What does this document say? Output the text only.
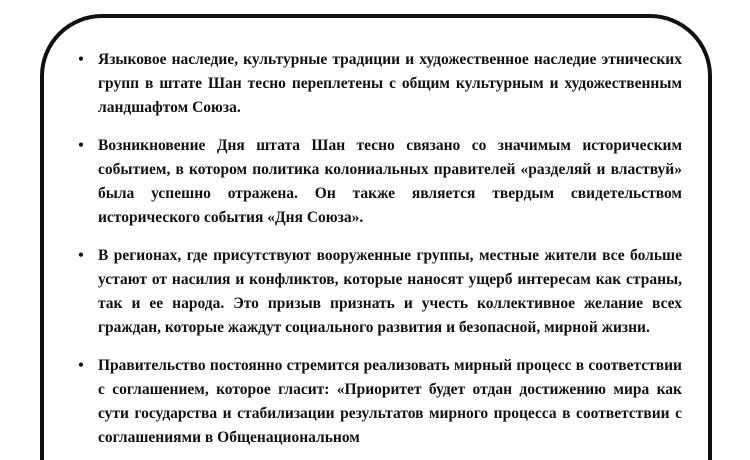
• Языковое наследие, культурные традиции и художественное наследие этнических групп в штате Шан тесно переплетены с общим культурным и художественным ландшафтом Союза.
• Возникновение Дня штата Шан тесно связано со значимым историческим событием, в котором политика колониальных правителей «разделяй и властвуй» была успешно отражена. Он также является твердым свидетельством исторического события «Дня Союза».
• В регионах, где присутствуют вооруженные группы, местные жители все больше устают от насилия и конфликтов, которые наносят ущерб интересам как страны, так и ее народа. Это призыв признать и учесть коллективное желание всех граждан, которые жаждут социального развития и безопасной, мирной жизни.
• Правительство постоянно стремится реализовать мирный процесс в соответствии с соглашением, которое гласит: «Приоритет будет отдан достижению мира как сути государства и стабилизации результатов мирного процесса в соответствии с соглашениями в Общенациональном
